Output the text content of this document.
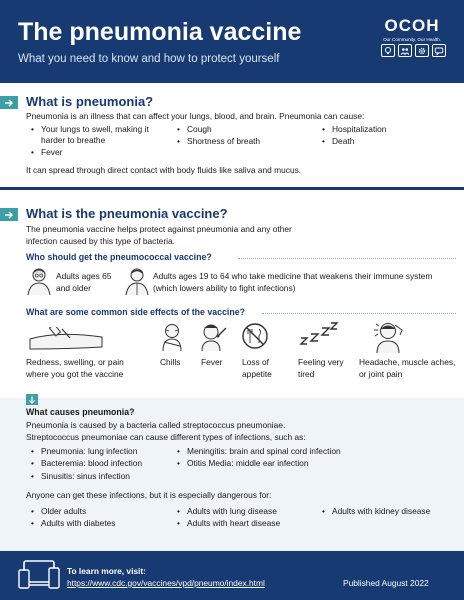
The pneumonia vaccine
What you need to know and how to protect yourself
OCOH
Our Community. Our Health.
What is pneumonia?
Pneumonia is an illness that can affect your lungs, blood, and brain. Pneumonia can cause:
• Your lungs to swell, making it harder to breathe
• Fever
• Cough
• Shortness of breath
• Hospitalization
• Death
It can spread through direct contact with body fluids like saliva and mucus.
What is the pneumonia vaccine?
The pneumonia vaccine helps protect against pneumonia and any other infection caused by this type of bacteria.
Who should get the pneumococcal vaccine?
Adults ages 65 and older
Adults ages 19 to 64 who take medicine that weakens their immune system (which lowers ability to fight infections)
What are some common side effects of the vaccine?
Redness, swelling, or pain where you got the vaccine
Chills	Fever	Loss of appetite
Feeling very tired
Headache, muscle aches, or joint pain
What causes pneumonia?
Pneumonia is caused by a bacteria called streptococcus pneumoniae.
Streptococcus pneumoniae can cause different types of infections, such as:
• Pneumonia: lung infection
• Bacteremia: blood infection
• Sinusitis: sinus infection
• Meningitis: brain and spinal cord infection
• Otitis Media: middle ear infection
Anyone can get these infections, but it is especially dangerous for:
• Older adults
• Adults with diabetes
• Adults with lung disease
• Adults with heart disease
• Adults with kidney disease
To learn more, visit:
https://www.cdc.gov/vaccines/vpd/pneumo/index.html	Published August 2022
